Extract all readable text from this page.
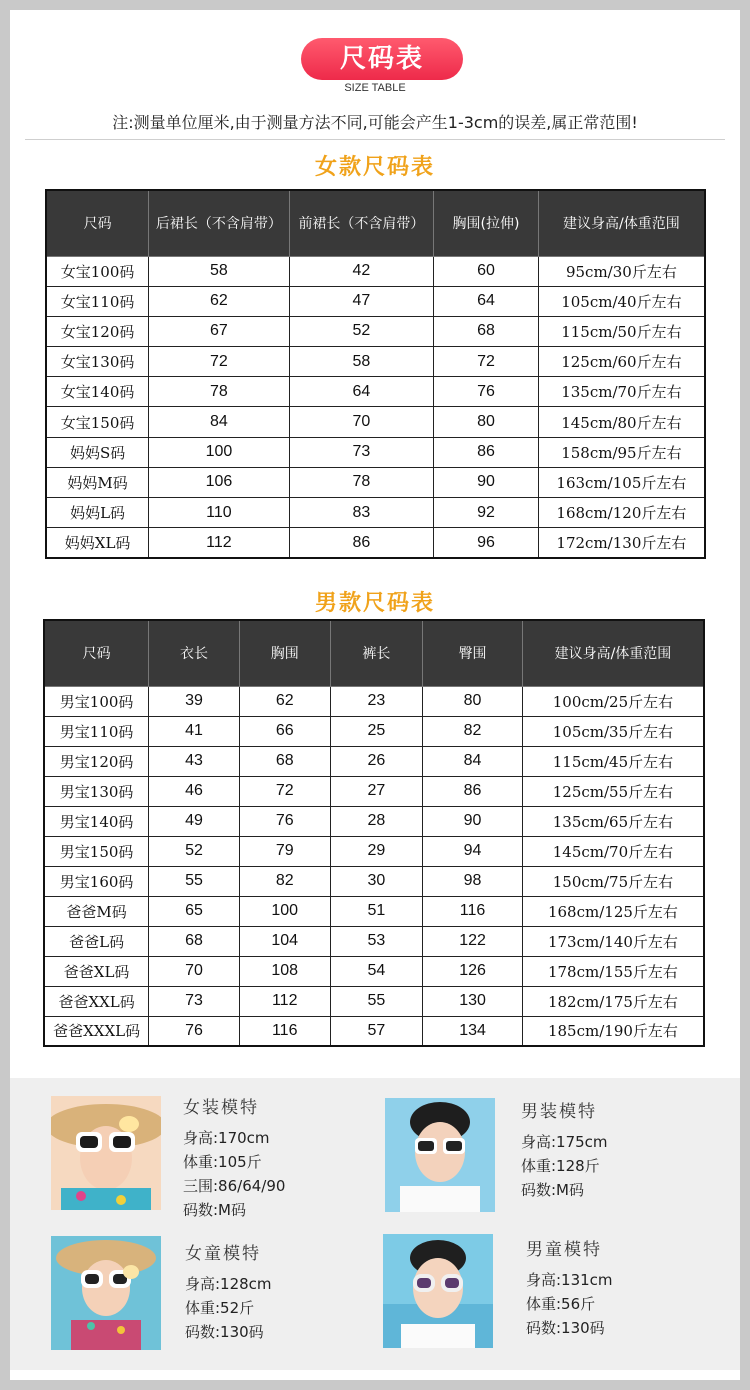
尺码表
SIZE TABLE
注:测量单位厘米,由于测量方法不同,可能会产生1-3cm的误差,属正常范围!
女款尺码表
尺码	后裙长（不含肩带）	前裙长（不含肩带）	胸围(拉伸)	建议身高/体重范围
女宝100码	58	42	60	95cm/30斤左右
女宝110码	62	47	64	105cm/40斤左右
女宝120码	67	52	68	115cm/50斤左右
女宝130码	72	58	72	125cm/60斤左右
女宝140码	78	64	76	135cm/70斤左右
女宝150码	84	70	80	145cm/80斤左右
妈妈S码	100	73	86	158cm/95斤左右
妈妈M码	106	78	90	163cm/105斤左右
妈妈L码	110	83	92	168cm/120斤左右
妈妈XL码	112	86	96	172cm/130斤左右
男款尺码表
尺码	衣长	胸围	裤长	臀围	建议身高/体重范围
男宝100码	39	62	23	80	100cm/25斤左右
男宝110码	41	66	25	82	105cm/35斤左右
男宝120码	43	68	26	84	115cm/45斤左右
男宝130码	46	72	27	86	125cm/55斤左右
男宝140码	49	76	28	90	135cm/65斤左右
男宝150码	52	79	29	94	145cm/70斤左右
男宝160码	55	82	30	98	150cm/75斤左右
爸爸M码	65	100	51	116	168cm/125斤左右
爸爸L码	68	104	53	122	173cm/140斤左右
爸爸XL码	70	108	54	126	178cm/155斤左右
爸爸XXL码	73	112	55	130	182cm/175斤左右
爸爸XXXL码	76	116	57	134	185cm/190斤左右
女装模特
身高:170cm
体重:105斤
三围:86/64/90
码数:M码
男装模特
身高:175cm
体重:128斤
码数:M码
女童模特
身高:128cm
体重:52斤
码数:130码
男童模特
身高:131cm
体重:56斤
码数:130码
